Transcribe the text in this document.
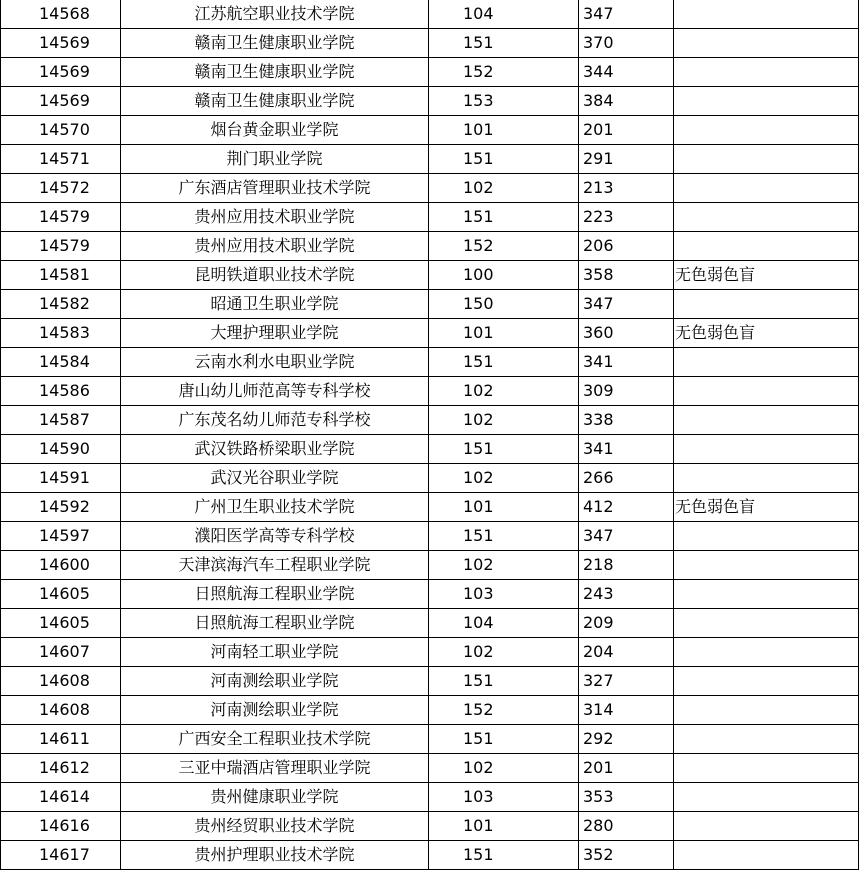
14568	江苏航空职业技术学院	104	347	
14569	赣南卫生健康职业学院	151	370	
14569	赣南卫生健康职业学院	152	344	
14569	赣南卫生健康职业学院	153	384	
14570	烟台黄金职业学院	101	201	
14571	荆门职业学院	151	291	
14572	广东酒店管理职业技术学院	102	213	
14579	贵州应用技术职业学院	151	223	
14579	贵州应用技术职业学院	152	206	
14581	昆明铁道职业技术学院	100	358	无色弱色盲
14582	昭通卫生职业学院	150	347	
14583	大理护理职业学院	101	360	无色弱色盲
14584	云南水利水电职业学院	151	341	
14586	唐山幼儿师范高等专科学校	102	309	
14587	广东茂名幼儿师范专科学校	102	338	
14590	武汉铁路桥梁职业学院	151	341	
14591	武汉光谷职业学院	102	266	
14592	广州卫生职业技术学院	101	412	无色弱色盲
14597	濮阳医学高等专科学校	151	347	
14600	天津滨海汽车工程职业学院	102	218	
14605	日照航海工程职业学院	103	243	
14605	日照航海工程职业学院	104	209	
14607	河南轻工职业学院	102	204	
14608	河南测绘职业学院	151	327	
14608	河南测绘职业学院	152	314	
14611	广西安全工程职业技术学院	151	292	
14612	三亚中瑞酒店管理职业学院	102	201	
14614	贵州健康职业学院	103	353	
14616	贵州经贸职业技术学院	101	280	
14617	贵州护理职业技术学院	151	352	
